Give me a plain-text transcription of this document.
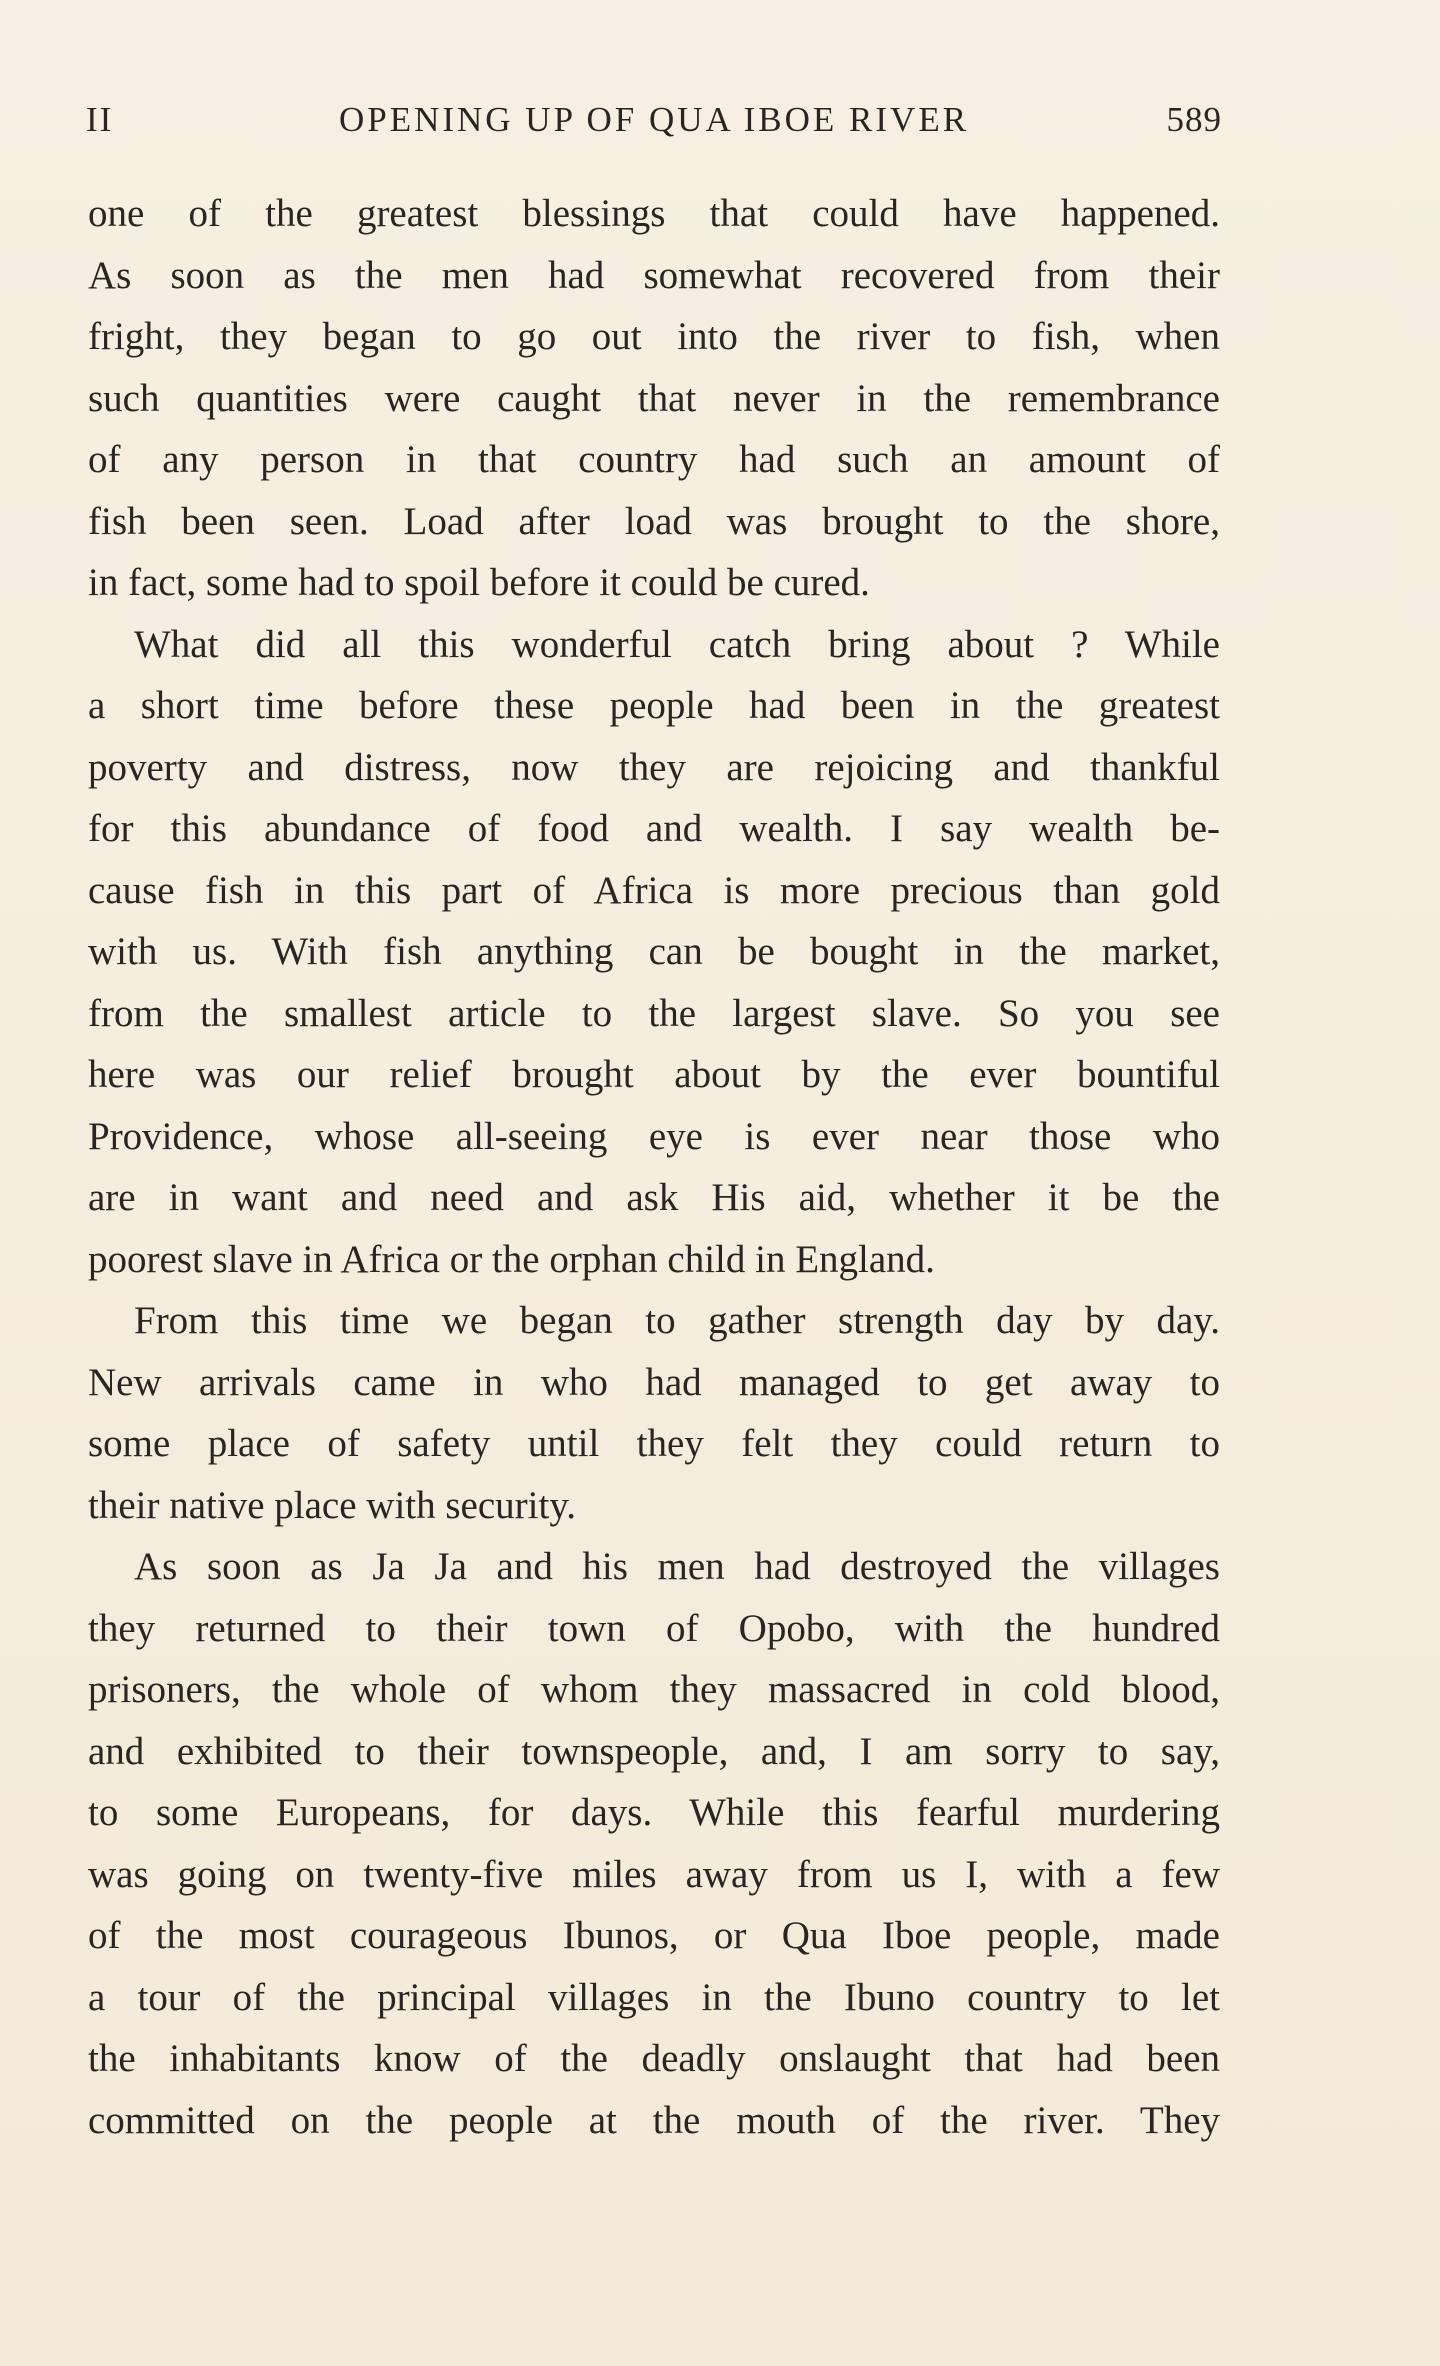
II	OPENING UP OF QUA IBOE RIVER	589
one of the greatest blessings that could have happened.
As soon as the men had somewhat recovered from their
fright, they began to go out into the river to fish, when
such quantities were caught that never in the remembrance
of any person in that country had such an amount of
fish been seen. Load after load was brought to the shore,
in fact, some had to spoil before it could be cured.
What did all this wonderful catch bring about ? While
a short time before these people had been in the greatest
poverty and distress, now they are rejoicing and thankful
for this abundance of food and wealth. I say wealth be-
cause fish in this part of Africa is more precious than gold
with us. With fish anything can be bought in the market,
from the smallest article to the largest slave. So you see
here was our relief brought about by the ever bountiful
Providence, whose all-seeing eye is ever near those who
are in want and need and ask His aid, whether it be the
poorest slave in Africa or the orphan child in England.
From this time we began to gather strength day by day.
New arrivals came in who had managed to get away to
some place of safety until they felt they could return to
their native place with security.
As soon as Ja Ja and his men had destroyed the villages
they returned to their town of Opobo, with the hundred
prisoners, the whole of whom they massacred in cold blood,
and exhibited to their townspeople, and, I am sorry to say,
to some Europeans, for days. While this fearful murdering
was going on twenty-five miles away from us I, with a few
of the most courageous Ibunos, or Qua Iboe people, made
a tour of the principal villages in the Ibuno country to let
the inhabitants know of the deadly onslaught that had been
committed on the people at the mouth of the river. They
